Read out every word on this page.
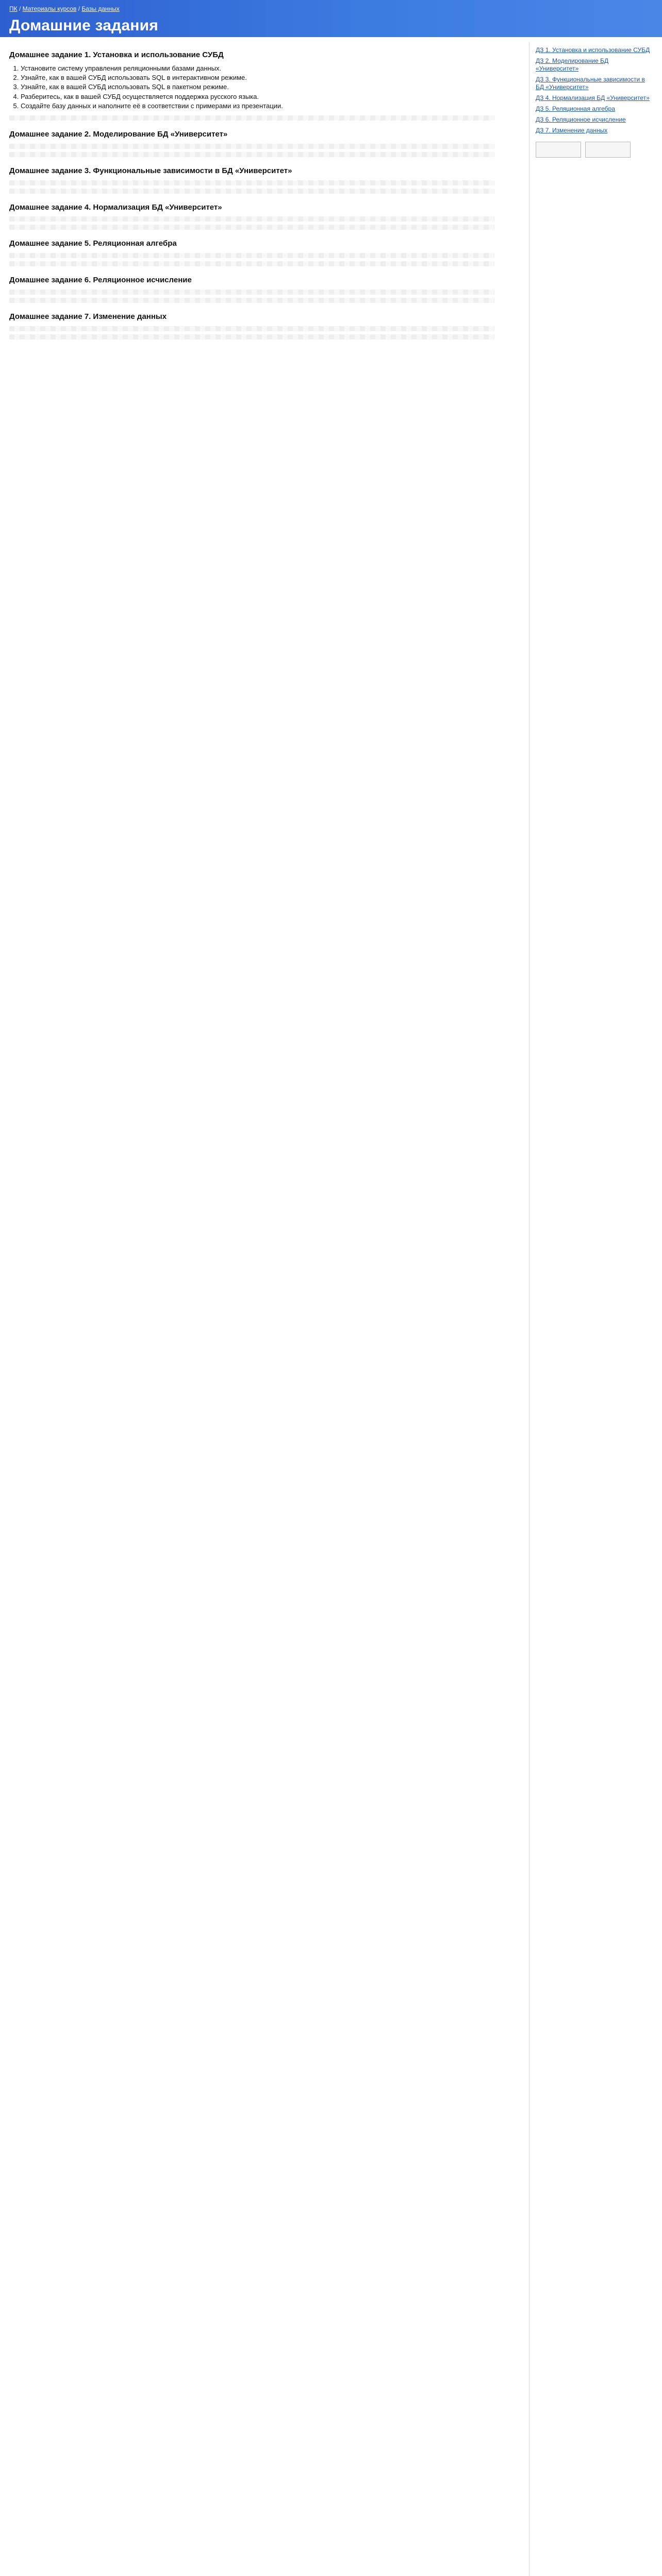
ПК / Материалы курсов / Базы данных
Домашние задания
Домашнее задание 1. Установка и использование СУБД
1. Установите систему управления реляционными базами данных.
2. Узнайте, как в вашей СУБД использовать SQL в интерактивном режиме.
3. Узнайте, как в вашей СУБД использовать SQL в пакетном режиме.
4. Разберитесь, как в вашей СУБД осуществляется поддержка русского языка.
5. Создайте базу данных и наполните её в соответствии с примерами из презентации.
Домашнее задание 2. Моделирование БД «Университет»
Домашнее задание 3. Функциональные зависимости в БД «Университет»
Домашнее задание 4. Нормализация БД «Университет»
Домашнее задание 5. Реляционная алгебра
Домашнее задание 6. Реляционное исчисление
Домашнее задание 7. Изменение данных
ДЗ 1. Установка и использование СУБД
ДЗ 2. Моделирование БД «Университет»
ДЗ 3. Функциональные зависимости в БД «Университет»
ДЗ 4. Нормализация БД «Университет»
ДЗ 5. Реляционная алгебра
ДЗ 6. Реляционное исчисление
ДЗ 7. Изменение данных
